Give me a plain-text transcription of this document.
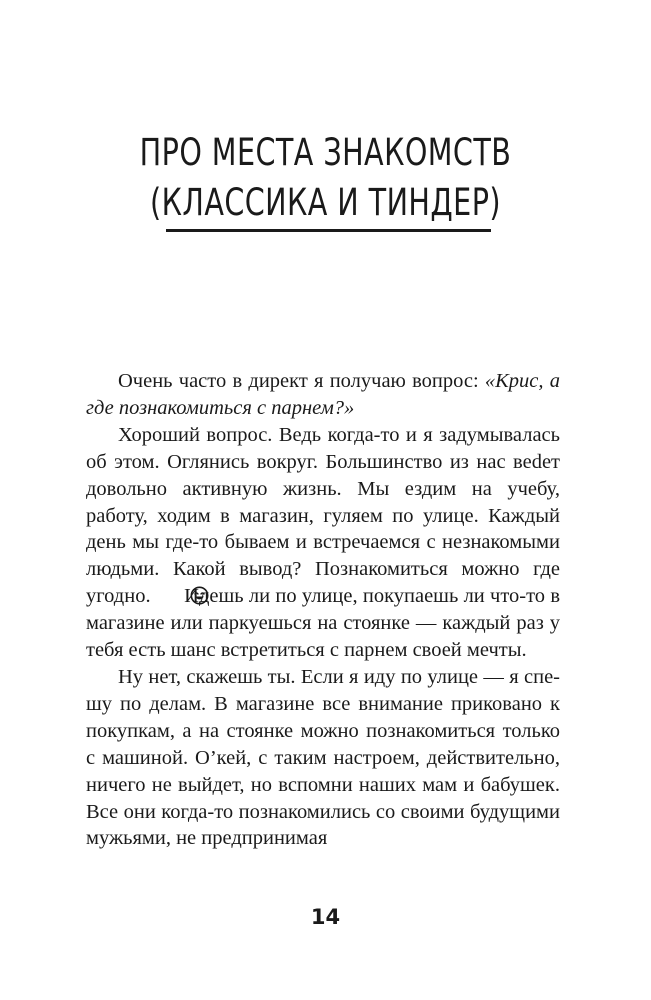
ПРО МЕСТА ЗНАКОМСТВ
(КЛАССИКА И ТИНДЕР)

Очень часто в директ я получаю вопрос: «Крис, а где познакомиться с парнем?»

Хороший вопрос. Ведь когда-то и я задумывалась об этом. Оглянись вокруг. Большинство из нас веdет довольно активную жизнь. Мы ездим на учебу, работу, ходим в магазин, гуляем по улице. Каждый день мы где-то бываем и встречаемся с незнакомыми людьми. Какой вывод? Познакомиться можно где угодно.  Идешь ли по улице, покупаешь ли что-то в магазине или паркуешься на стоянке — каждый раз у тебя есть шанс встретиться с парнем своей мечты.

Ну нет, скажешь ты. Если я иду по улице — я спешу по делам. В магазине все внимание приковано к покупкам, а на стоянке можно познакомиться только с машиной. О’кей, с таким настроем, действительно, ничего не выйдет, но вспомни наших мам и бабушек. Все они когда-то познакомились со своими будущими мужьями, не предпринимая

14
